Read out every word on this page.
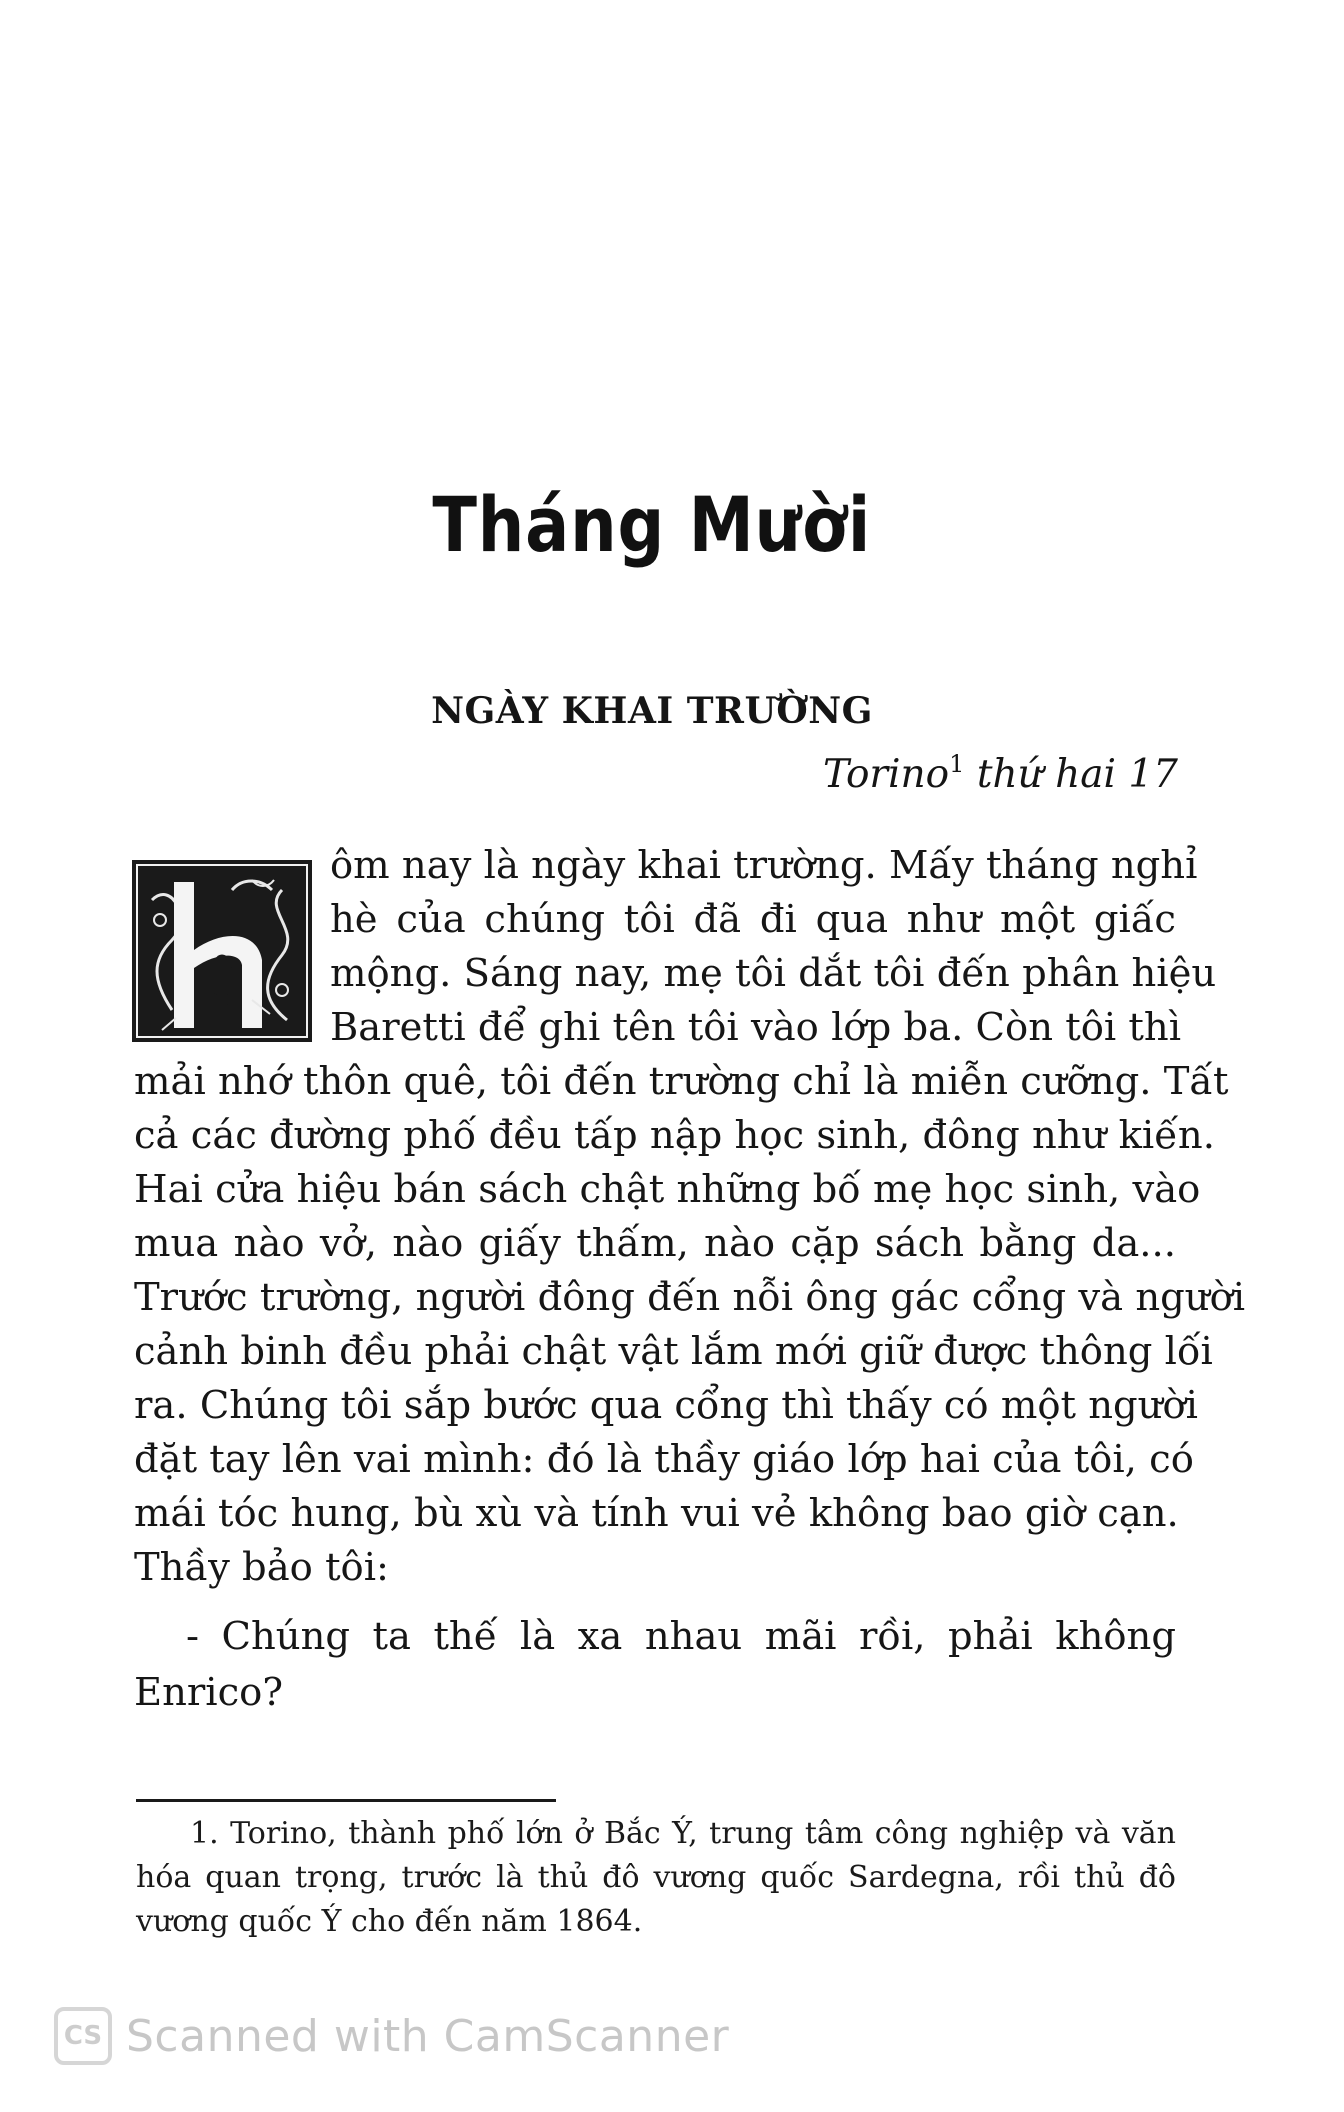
Tháng Mười
NGÀY KHAI TRƯỜNG
Torino$^1$ thứ hai 17
ôm nay là ngày khai trường. Mấy tháng nghỉ
hè của chúng tôi đã đi qua như một giấc
mộng. Sáng nay, mẹ tôi dắt tôi đến phân hiệu
Baretti để ghi tên tôi vào lớp ba. Còn tôi thì
mải nhớ thôn quê, tôi đến trường chỉ là miễn cưỡng. Tất
cả các đường phố đều tấp nập học sinh, đông như kiến.
Hai cửa hiệu bán sách chật những bố mẹ học sinh, vào
mua nào vở, nào giấy thấm, nào cặp sách bằng da...
Trước trường, người đông đến nỗi ông gác cổng và người
cảnh binh đều phải chật vật lắm mới giữ được thông lối
ra. Chúng tôi sắp bước qua cổng thì thấy có một người
đặt tay lên vai mình: đó là thầy giáo lớp hai của tôi, có
mái tóc hung, bù xù và tính vui vẻ không bao giờ cạn.
Thầy bảo tôi:
- Chúng ta thế là xa nhau mãi rồi, phải không
Enrico?
1. Torino, thành phố lớn ở Bắc Ý, trung tâm công nghiệp và văn
hóa quan trọng, trước là thủ đô vương quốc Sardegna, rồi thủ đô
vương quốc Ý cho đến năm 1864.
CS Scanned with CamScanner
